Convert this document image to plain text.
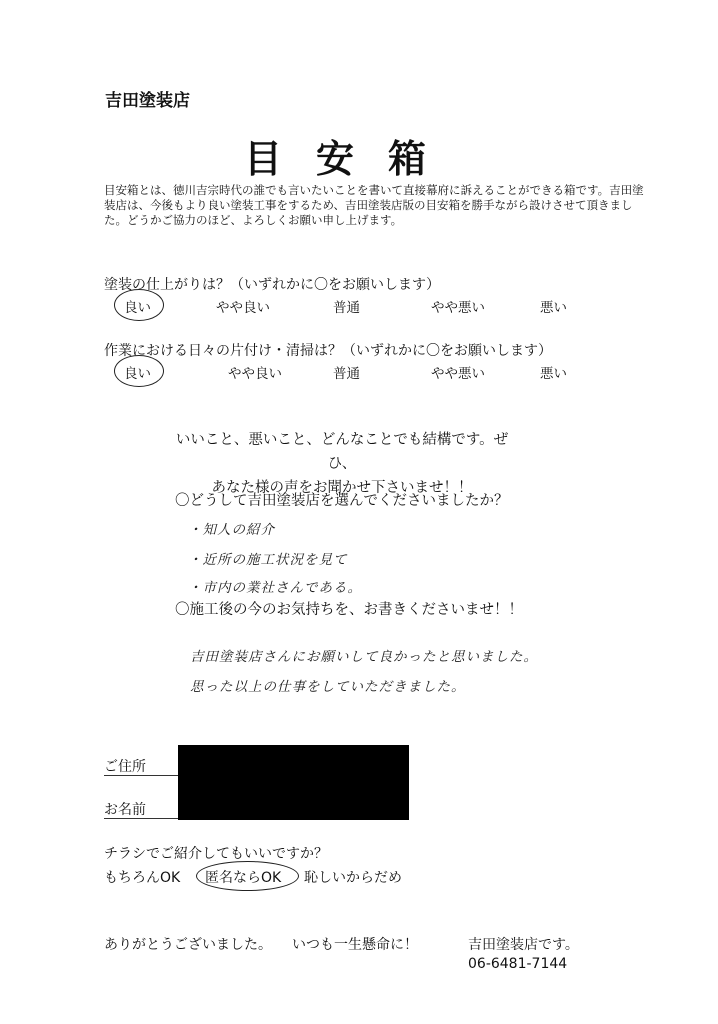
吉田塗装店
目安箱
目安箱とは、徳川吉宗時代の誰でも言いたいことを書いて直接幕府に訴えることができる箱です。吉田塗装店は、今後もより良い塗装工事をするため、吉田塗装店版の目安箱を勝手ながら設けさせて頂きました。どうかご協力のほど、よろしくお願い申し上げます。
塗装の仕上がりは？（いずれかに〇をお願いします）
良い	やや良い	普通	やや悪い	悪い
作業における日々の片付け・清掃は？（いずれかに〇をお願いします）
良い	やや良い	普通	やや悪い	悪い
いいこと、悪いこと、どんなことでも結構です。ぜひ、
あなた様の声をお聞かせ下さいませ！！
〇どうして吉田塗装店を選んでくださいましたか？
・知人の紹介
・近所の施工状況を見て
・市内の業社さんである。
〇施工後の今のお気持ちを、お書きくださいませ！！
吉田塗装店さんにお願いして良かったと思いました。
思った以上の仕事をしていただきました。
ご住所
お名前
チラシでご紹介してもいいですか？
もちろんOK 匿名ならOK 恥しいからだめ
ありがとうございました。 いつも一生懸命に！	吉田塗装店です。
06-6481-7144
